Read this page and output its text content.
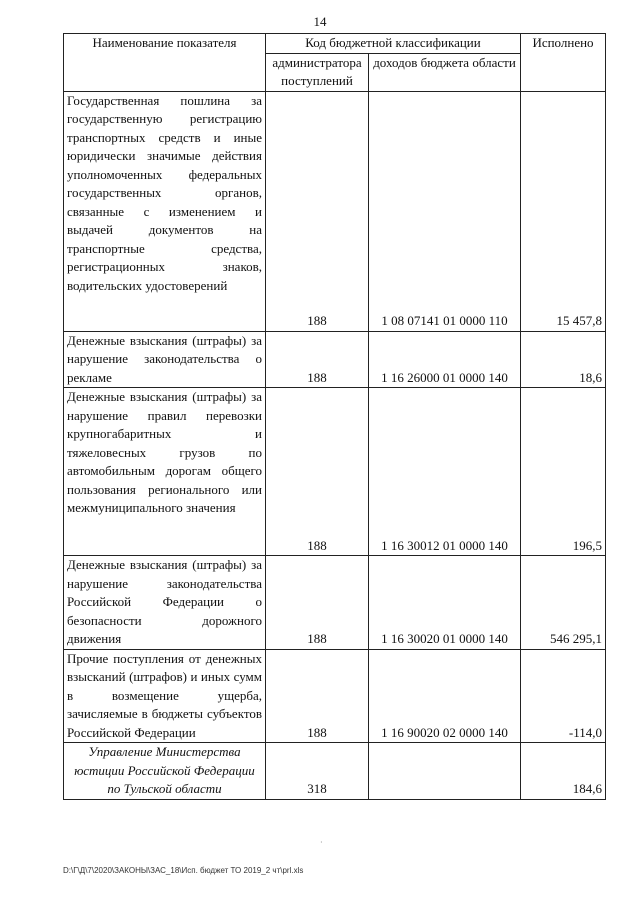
14
Наименование показателя	Код бюджетной классификации		Исполнено
	администратора поступлений	доходов бюджета области	
Государственная пошлина за государственную регистрацию транспортных средств и иные юридически значимые действия уполномоченных федеральных государственных органов, связанные с изменением и выдачей документов на транспортные средства, регистрационных знаков, водительских удостоверений	188	1 08 07141 01 0000 110	15 457,8
Денежные взыскания (штрафы) за нарушение законодательства о рекламе	188	1 16 26000 01 0000 140	18,6
Денежные взыскания (штрафы) за нарушение правил перевозки крупногабаритных и тяжеловесных грузов по автомобильным дорогам общего пользования регионального или межмуниципального значения	188	1 16 30012 01 0000 140	196,5
Денежные взыскания (штрафы) за нарушение законодательства Российской Федерации о безопасности дорожного движения	188	1 16 30020 01 0000 140	546 295,1
Прочие поступления от денежных взысканий (штрафов) и иных сумм в возмещение ущерба, зачисляемые в бюджеты субъектов Российской Федерации	188	1 16 90020 02 0000 140	-114,0
Управление Министерства юстиции Российской Федерации по Тульской области	318		184,6
·
D:\Г\Д\7\2020\ЗАКОНЫ\ЗАС_18\Исп. бюджет ТО 2019_2 чт\рrl.xls
